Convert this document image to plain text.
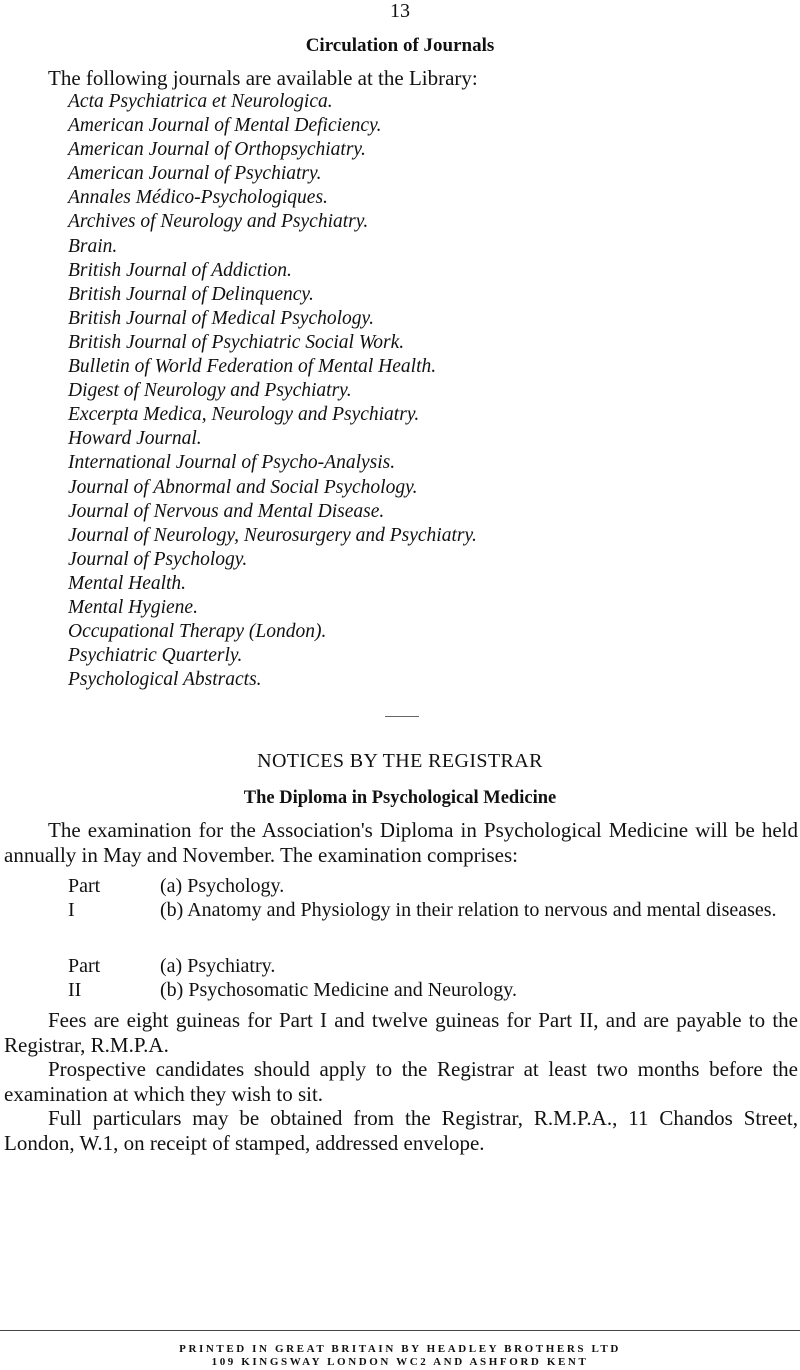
13
Circulation of Journals
The following journals are available at the Library:
Acta Psychiatrica et Neurologica.
American Journal of Mental Deficiency.
American Journal of Orthopsychiatry.
American Journal of Psychiatry.
Annales Médico-Psychologiques.
Archives of Neurology and Psychiatry.
Brain.
British Journal of Addiction.
British Journal of Delinquency.
British Journal of Medical Psychology.
British Journal of Psychiatric Social Work.
Bulletin of World Federation of Mental Health.
Digest of Neurology and Psychiatry.
Excerpta Medica, Neurology and Psychiatry.
Howard Journal.
International Journal of Psycho-Analysis.
Journal of Abnormal and Social Psychology.
Journal of Nervous and Mental Disease.
Journal of Neurology, Neurosurgery and Psychiatry.
Journal of Psychology.
Mental Health.
Mental Hygiene.
Occupational Therapy (London).
Psychiatric Quarterly.
Psychological Abstracts.
NOTICES BY THE REGISTRAR
The Diploma in Psychological Medicine

The examination for the Association's Diploma in Psychological Medicine will be held annually in May and November. The examination comprises:

Part I
(a) Psychology.
(b) Anatomy and Physiology in their relation to nervous and mental diseases.
Part II
(a) Psychiatry.
(b) Psychosomatic Medicine and Neurology.

Fees are eight guineas for Part I and twelve guineas for Part II, and are payable to the Registrar, R.M.P.A.

Prospective candidates should apply to the Registrar at least two months before the examination at which they wish to sit.

Full particulars may be obtained from the Registrar, R.M.P.A., 11 Chandos Street, London, W.1, on receipt of stamped, addressed envelope.

PRINTED IN GREAT BRITAIN BY HEADLEY BROTHERS LTD
109 KINGSWAY LONDON WC2 AND ASHFORD KENT
